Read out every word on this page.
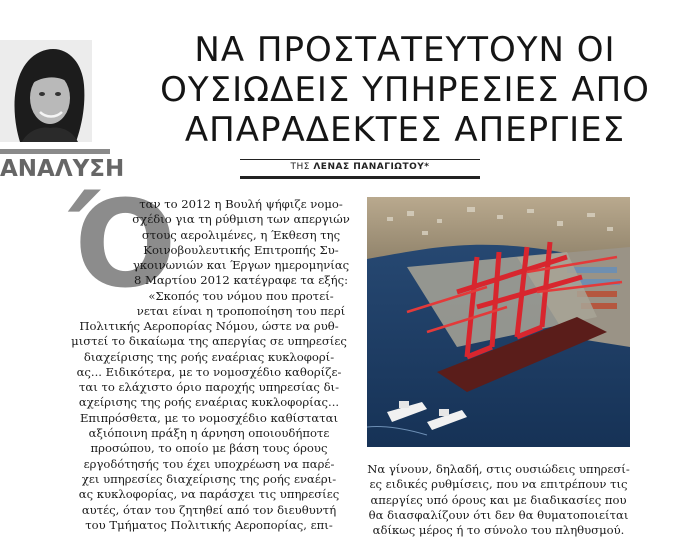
ΑΝΑΛΥΣΗ
ΝΑ ΠΡΟΣΤΑΤΕΥΤΟΥΝ ΟΙ
ΟΥΣΙΩΔΕΙΣ ΥΠΗΡΕΣΙΕΣ ΑΠΟ
ΑΠΑΡΑΔΕΚΤΕΣ ΑΠΕΡΓΙΕΣ
ΤΗΣ ΛΕΝΑΣ ΠΑΝΑΓΙΩΤΟΥ*
Ό
ταν το 2012 η Βουλή ψήφιζε νομο-
σχέδιο για τη ρύθμιση των απεργιών
στους αερολιμένες, η Έκθεση της
Κοινοβουλευτικής Επιτροπής Συ-
γκοινωνιών και Έργων ημερομηνίας
8 Μαρτίου 2012 κατέγραφε τα εξής:
«Σκοπός του νόμου που προτεί-
νεται είναι η τροποποίηση του περί
Πολιτικής Αεροπορίας Νόμου, ώστε να ρυθ-
μιστεί το δικαίωμα της απεργίας σε υπηρεσίες
διαχείρισης της ροής εναέριας κυκλοφορί-
ας... Ειδικότερα, με το νομοσχέδιο καθορίζε-
ται το ελάχιστο όριο παροχής υπηρεσίας δι-
αχείρισης της ροής εναέριας κυκλοφορίας...
Επιπρόσθετα, με το νομοσχέδιο καθίσταται
αξιόποινη πράξη η άρνηση οποιουδήποτε
προσώπου, το οποίο με βάση τους όρους
εργοδότησής του έχει υποχρέωση να παρέ-
χει υπηρεσίες διαχείρισης της ροής εναέρι-
ας κυκλοφορίας, να παράσχει τις υπηρεσίες
αυτές, όταν του ζητηθεί από τον διευθυντή
του Τμήματος Πολιτικής Αεροπορίας, επι-
Να γίνουν, δηλαδή, στις ουσιώδεις υπηρεσί-
ες ειδικές ρυθμίσεις, που να επιτρέπουν τις
απεργίες υπό όρους και με διαδικασίες που
θα διασφαλίζουν ότι δεν θα θυματοποιείται
αδίκως μέρος ή το σύνολο του πληθυσμού.
